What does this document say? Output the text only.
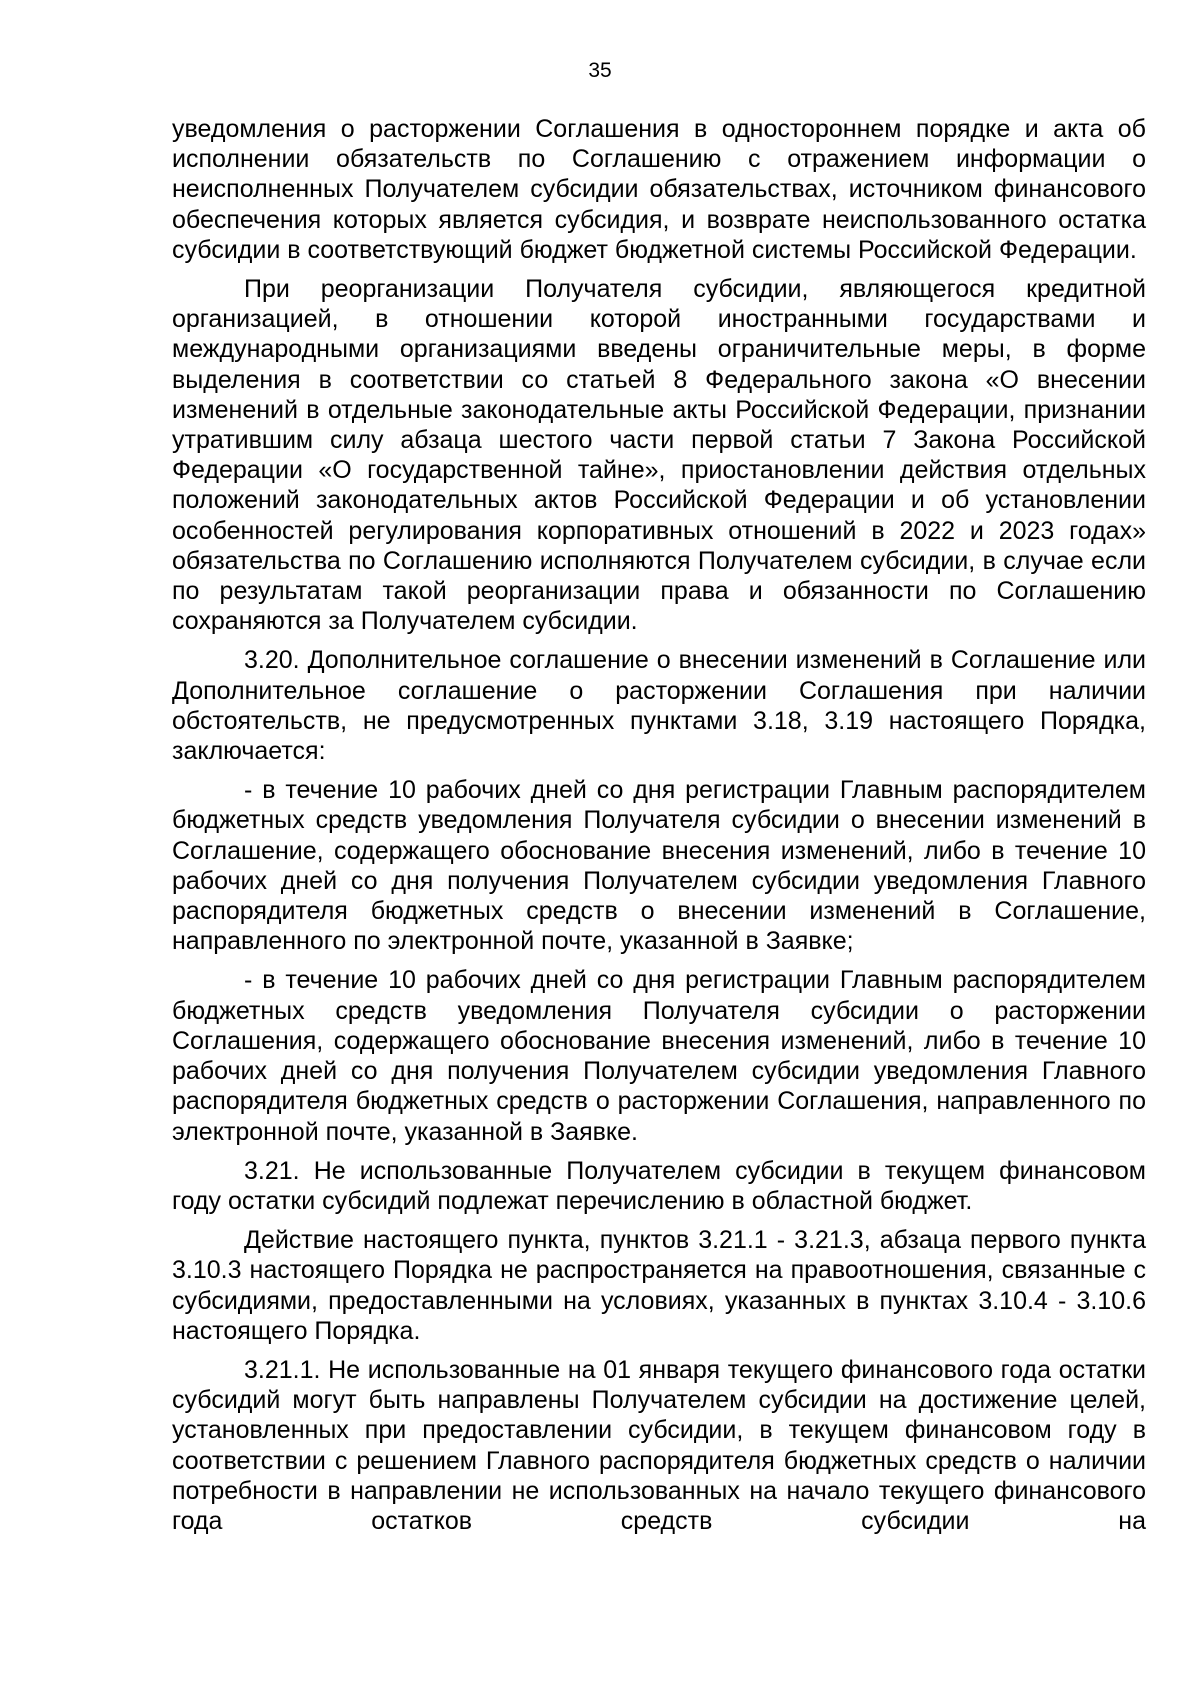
35

уведомления о расторжении Соглашения в одностороннем порядке и акта об исполнении обязательств по Соглашению с отражением информации о неисполненных Получателем субсидии обязательствах, источником финансового обеспечения которых является субсидия, и возврате неиспользованного остатка субсидии в соответствующий бюджет бюджетной системы Российской Федерации.

При реорганизации Получателя субсидии, являющегося кредитной организацией, в отношении которой иностранными государствами и международными организациями введены ограничительные меры, в форме выделения в соответствии со статьей 8 Федерального закона «О внесении изменений в отдельные законодательные акты Российской Федерации, признании утратившим силу абзаца шестого части первой статьи 7 Закона Российской Федерации «О государственной тайне», приостановлении действия отдельных положений законодательных актов Российской Федерации и об установлении особенностей регулирования корпоративных отношений в 2022 и 2023 годах» обязательства по Соглашению исполняются Получателем субсидии, в случае если по результатам такой реорганизации права и обязанности по Соглашению сохраняются за Получателем субсидии.

3.20. Дополнительное соглашение о внесении изменений в Соглашение или Дополнительное соглашение о расторжении Соглашения при наличии обстоятельств, не предусмотренных пунктами 3.18, 3.19 настоящего Порядка, заключается:

- в течение 10 рабочих дней со дня регистрации Главным распорядителем бюджетных средств уведомления Получателя субсидии о внесении изменений в Соглашение, содержащего обоснование внесения изменений, либо в течение 10 рабочих дней со дня получения Получателем субсидии уведомления Главного распорядителя бюджетных средств о внесении изменений в Соглашение, направленного по электронной почте, указанной в Заявке;

- в течение 10 рабочих дней со дня регистрации Главным распорядителем бюджетных средств уведомления Получателя субсидии о расторжении Соглашения, содержащего обоснование внесения изменений, либо в течение 10 рабочих дней со дня получения Получателем субсидии уведомления Главного распорядителя бюджетных средств о расторжении Соглашения, направленного по электронной почте, указанной в Заявке.

3.21. Не использованные Получателем субсидии в текущем финансовом году остатки субсидий подлежат перечислению в областной бюджет.

Действие настоящего пункта, пунктов 3.21.1 - 3.21.3, абзаца первого пункта 3.10.3 настоящего Порядка не распространяется на правоотношения, связанные с субсидиями, предоставленными на условиях, указанных в пунктах 3.10.4 - 3.10.6 настоящего Порядка.

3.21.1. Не использованные на 01 января текущего финансового года остатки субсидий могут быть направлены Получателем субсидии на достижение целей, установленных при предоставлении субсидии, в текущем финансовом году в соответствии с решением Главного распорядителя бюджетных средств о наличии потребности в направлении не использованных на начало текущего финансового года остатков средств субсидии на
